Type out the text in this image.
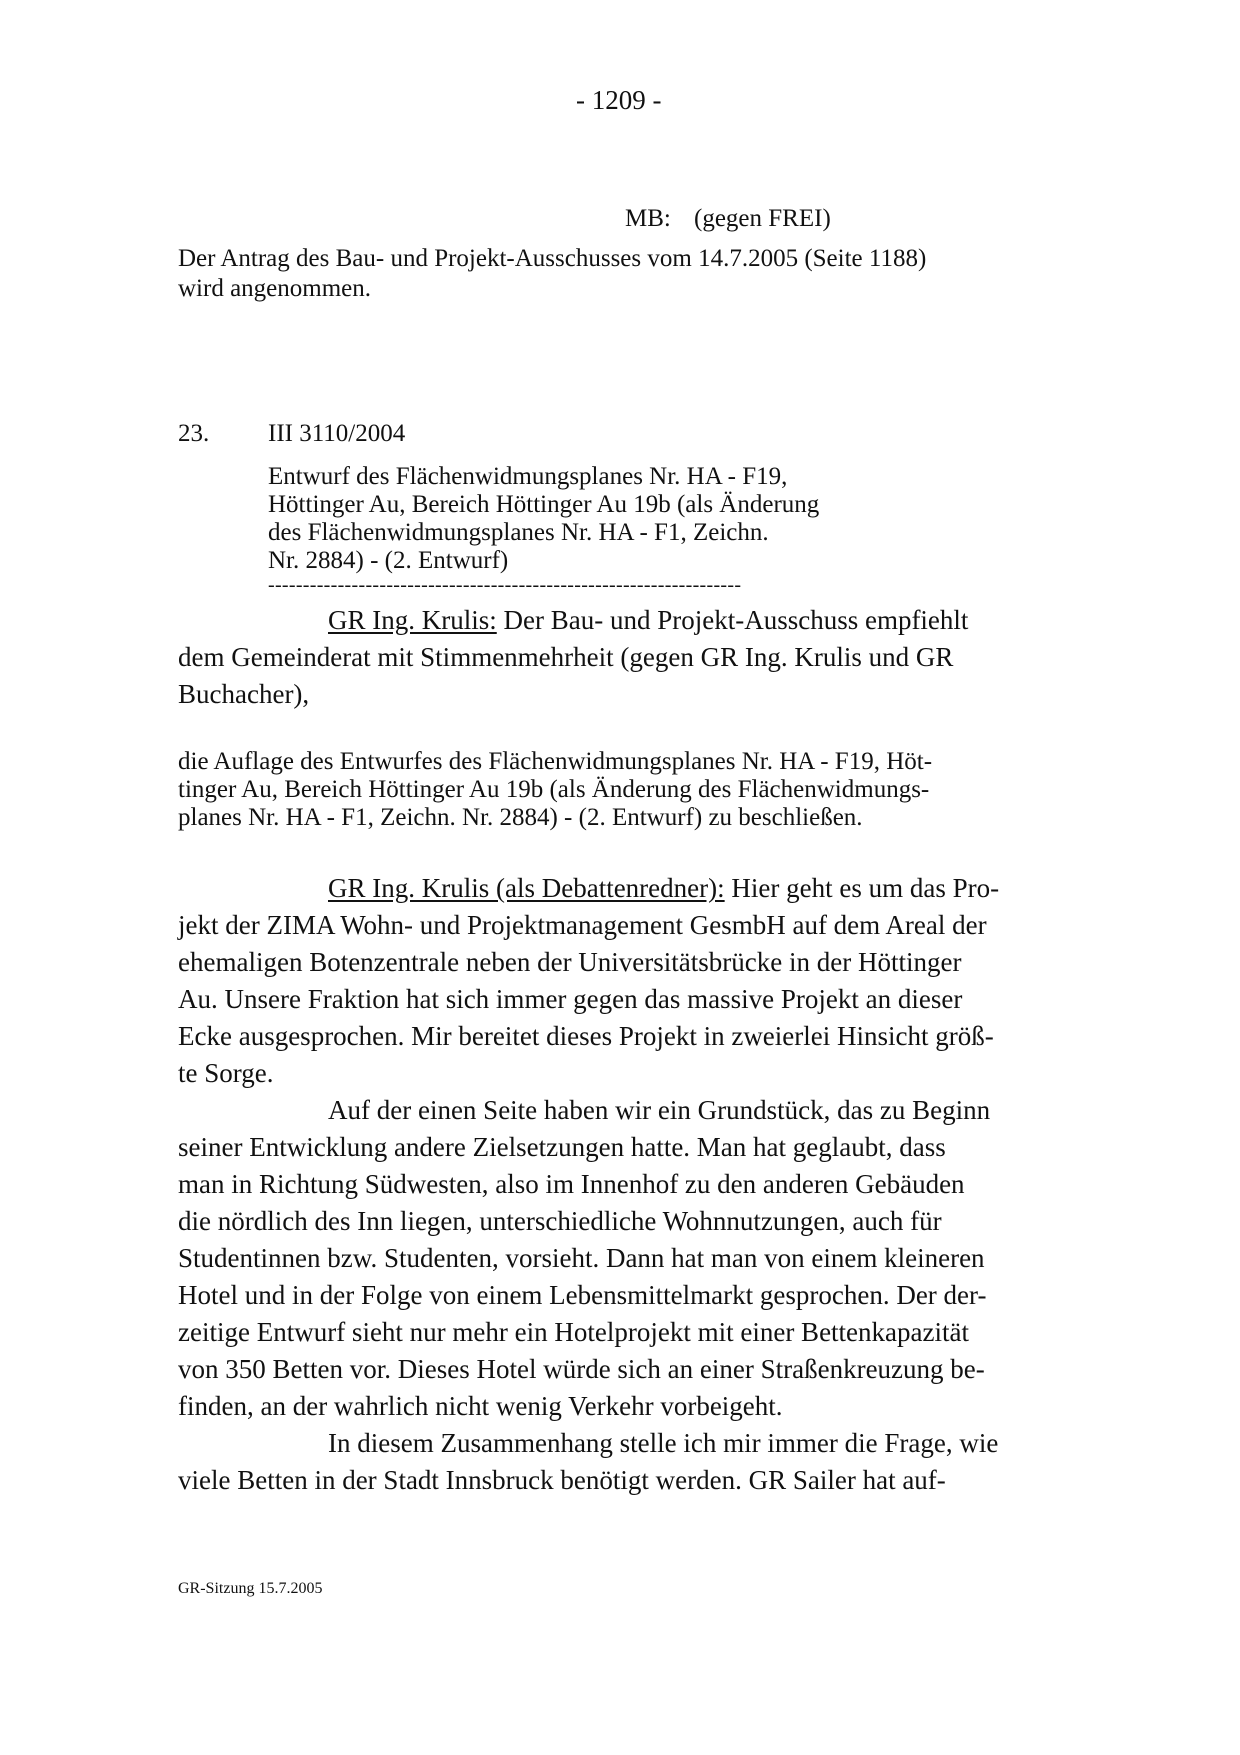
- 1209 -
MB: (gegen FREI)
Der Antrag des Bau- und Projekt-Ausschusses vom 14.7.2005 (Seite 1188)
wird angenommen.
23. III 3110/2004
Entwurf des Flächenwidmungsplanes Nr. HA - F19,
Höttinger Au, Bereich Höttinger Au 19b (als Änderung
des Flächenwidmungsplanes Nr. HA - F1, Zeichn.
Nr. 2884) - (2. Entwurf)
--------------------------------------------------------------------
GR Ing. Krulis: Der Bau- und Projekt-Ausschuss empfiehlt
dem Gemeinderat mit Stimmenmehrheit (gegen GR Ing. Krulis und GR
Buchacher),
die Auflage des Entwurfes des Flächenwidmungsplanes Nr. HA - F19, Höt-
tinger Au, Bereich Höttinger Au 19b (als Änderung des Flächenwidmungs-
planes Nr. HA - F1, Zeichn. Nr. 2884) - (2. Entwurf) zu beschließen.
GR Ing. Krulis (als Debattenredner): Hier geht es um das Pro-
jekt der ZIMA Wohn- und Projektmanagement GesmbH auf dem Areal der
ehemaligen Botenzentrale neben der Universitätsbrücke in der Höttinger
Au. Unsere Fraktion hat sich immer gegen das massive Projekt an dieser
Ecke ausgesprochen. Mir bereitet dieses Projekt in zweierlei Hinsicht größ-
te Sorge.
Auf der einen Seite haben wir ein Grundstück, das zu Beginn
seiner Entwicklung andere Zielsetzungen hatte. Man hat geglaubt, dass
man in Richtung Südwesten, also im Innenhof zu den anderen Gebäuden
die nördlich des Inn liegen, unterschiedliche Wohnnutzungen, auch für
Studentinnen bzw. Studenten, vorsieht. Dann hat man von einem kleineren
Hotel und in der Folge von einem Lebensmittelmarkt gesprochen. Der der-
zeitige Entwurf sieht nur mehr ein Hotelprojekt mit einer Bettenkapazität
von 350 Betten vor. Dieses Hotel würde sich an einer Straßenkreuzung be-
finden, an der wahrlich nicht wenig Verkehr vorbeigeht.
In diesem Zusammenhang stelle ich mir immer die Frage, wie
viele Betten in der Stadt Innsbruck benötigt werden. GR Sailer hat auf-
GR-Sitzung 15.7.2005
